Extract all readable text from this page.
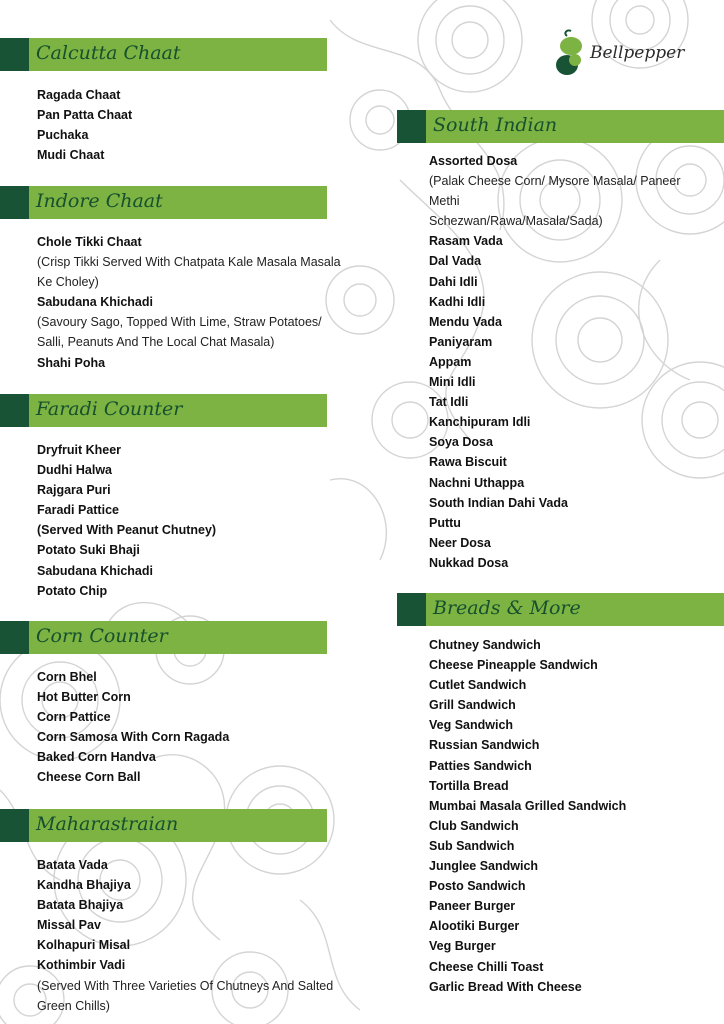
Bellpepper
Calcutta Chaat
Ragada Chaat
Pan Patta Chaat
Puchaka
Mudi Chaat
Indore Chaat
Chole Tikki Chaat
(Crisp Tikki Served With Chatpata Kale Masala Masala
Ke Choley)
Sabudana Khichadi
(Savoury Sago, Topped With Lime, Straw Potatoes/
Salli, Peanuts And The Local Chat Masala)
Shahi Poha
Faradi Counter
Dryfruit Kheer
Dudhi Halwa
Rajgara Puri
Faradi Pattice
(Served With Peanut Chutney)
Potato Suki Bhaji
Sabudana Khichadi
Potato Chip
Corn Counter
Corn Bhel
Hot Butter Corn
Corn Pattice
Corn Samosa With Corn Ragada
Baked Corn Handva
Cheese Corn Ball
Maharastraian
Batata Vada
Kandha Bhajiya
Batata Bhajiya
Missal Pav
Kolhapuri Misal
Kothimbir Vadi
(Served With Three Varieties Of Chutneys And Salted
Green Chills)
South Indian
Assorted Dosa
(Palak Cheese Corn/ Mysore Masala/ Paneer
Methi
Schezwan/Rawa/Masala/Sada)
Rasam Vada
Dal Vada
Dahi Idli
Kadhi Idli
Mendu Vada
Paniyaram
Appam
Mini Idli
Tat Idli
Kanchipuram Idli
Soya Dosa
Rawa Biscuit
Nachni Uthappa
South Indian Dahi Vada
Puttu
Neer Dosa
Nukkad Dosa
Breads & More
Chutney Sandwich
Cheese Pineapple Sandwich
Cutlet Sandwich
Grill Sandwich
Veg Sandwich
Russian Sandwich
Patties Sandwich
Tortilla Bread
Mumbai Masala Grilled Sandwich
Club Sandwich
Sub Sandwich
Junglee Sandwich
Posto Sandwich
Paneer Burger
Alootiki Burger
Veg Burger
Cheese Chilli Toast
Garlic Bread With Cheese
